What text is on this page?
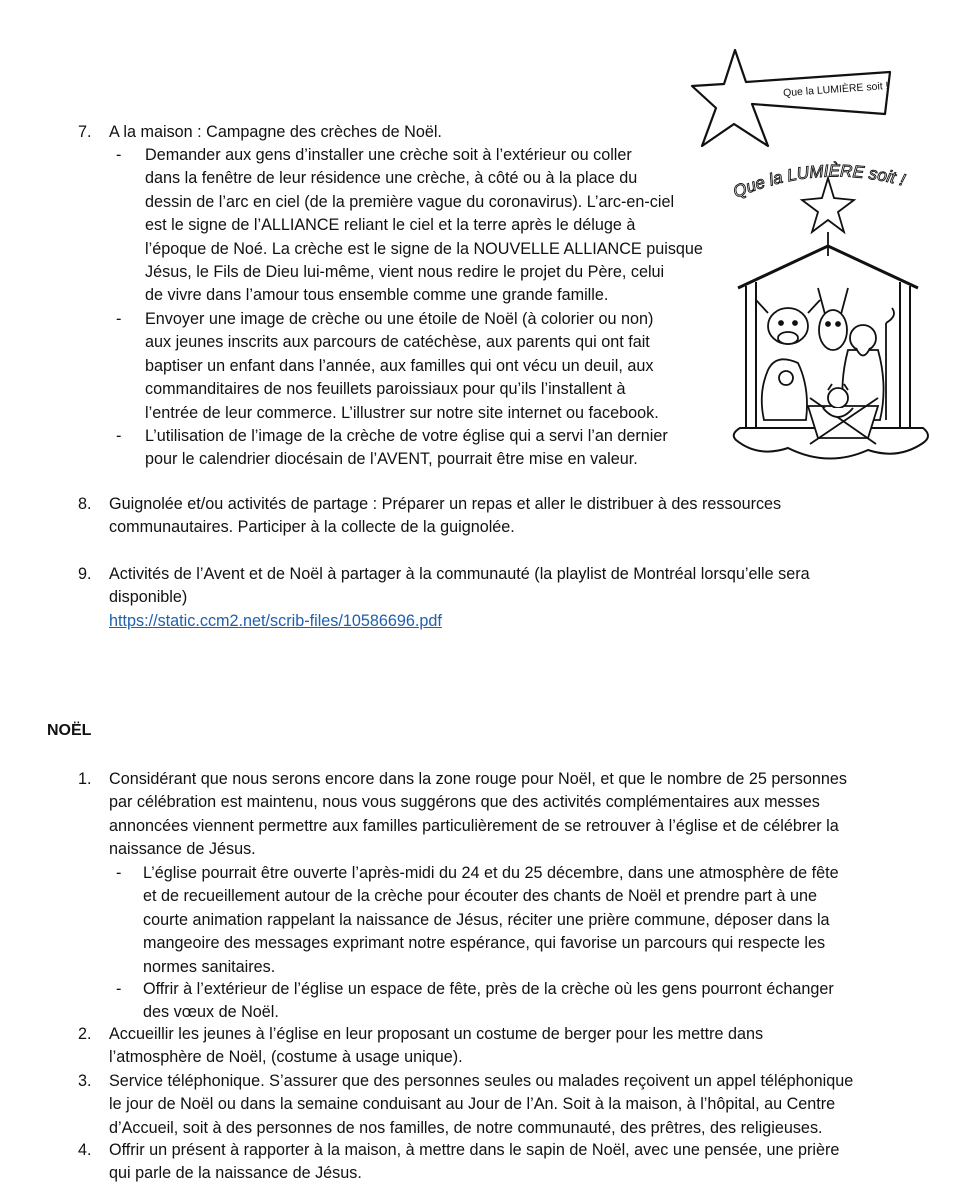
Que la LUMIÈRE soit !
Que la LUMIÈRE soit !
7. A la maison : Campagne des crèches de Noël.
- Demander aux gens d’installer une crèche soit à l’extérieur ou coller
dans la fenêtre de leur résidence une crèche, à côté ou à la place du
dessin de l’arc en ciel (de la première vague du coronavirus). L’arc-en-ciel
est le signe de l’ALLIANCE reliant le ciel et la terre après le déluge à
l’époque de Noé. La crèche est le signe de la NOUVELLE ALLIANCE puisque
Jésus, le Fils de Dieu lui-même, vient nous redire le projet du Père, celui
de vivre dans l’amour tous ensemble comme une grande famille.
- Envoyer une image de crèche ou une étoile de Noël (à colorier ou non)
aux jeunes inscrits aux parcours de catéchèse, aux parents qui ont fait
baptiser un enfant dans l’année, aux familles qui ont vécu un deuil, aux
commanditaires de nos feuillets paroissiaux pour qu’ils l’installent à
l’entrée de leur commerce. L’illustrer sur notre site internet ou facebook.
- L’utilisation de l’image de la crèche de votre église qui a servi l’an dernier
pour le calendrier diocésain de l’AVENT, pourrait être mise en valeur.
8. Guignolée et/ou activités de partage : Préparer un repas et aller le distribuer à des ressources
communautaires. Participer à la collecte de la guignolée.
9. Activités de l’Avent et de Noël à partager à la communauté (la playlist de Montréal lorsqu’elle sera
disponible)
https://static.ccm2.net/scrib-files/10586696.pdf
NOËL
1. Considérant que nous serons encore dans la zone rouge pour Noël, et que le nombre de 25 personnes
par célébration est maintenu, nous vous suggérons que des activités complémentaires aux messes
annoncées viennent permettre aux familles particulièrement de se retrouver à l’église et de célébrer la
naissance de Jésus.
- L’église pourrait être ouverte l’après-midi du 24 et du 25 décembre, dans une atmosphère de fête
et de recueillement autour de la crèche pour écouter des chants de Noël et prendre part à une
courte animation rappelant la naissance de Jésus, réciter une prière commune, déposer dans la
mangeoire des messages exprimant notre espérance, qui favorise un parcours qui respecte les
normes sanitaires.
- Offrir à l’extérieur de l’église un espace de fête, près de la crèche où les gens pourront échanger
des vœux de Noël.
2. Accueillir les jeunes à l’église en leur proposant un costume de berger pour les mettre dans
l’atmosphère de Noël, (costume à usage unique).
3. Service téléphonique. S’assurer que des personnes seules ou malades reçoivent un appel téléphonique
le jour de Noël ou dans la semaine conduisant au Jour de l’An. Soit à la maison, à l’hôpital, au Centre
d’Accueil, soit à des personnes de nos familles, de notre communauté, des prêtres, des religieuses.
4. Offrir un présent à rapporter à la maison, à mettre dans le sapin de Noël, avec une pensée, une prière
qui parle de la naissance de Jésus.
